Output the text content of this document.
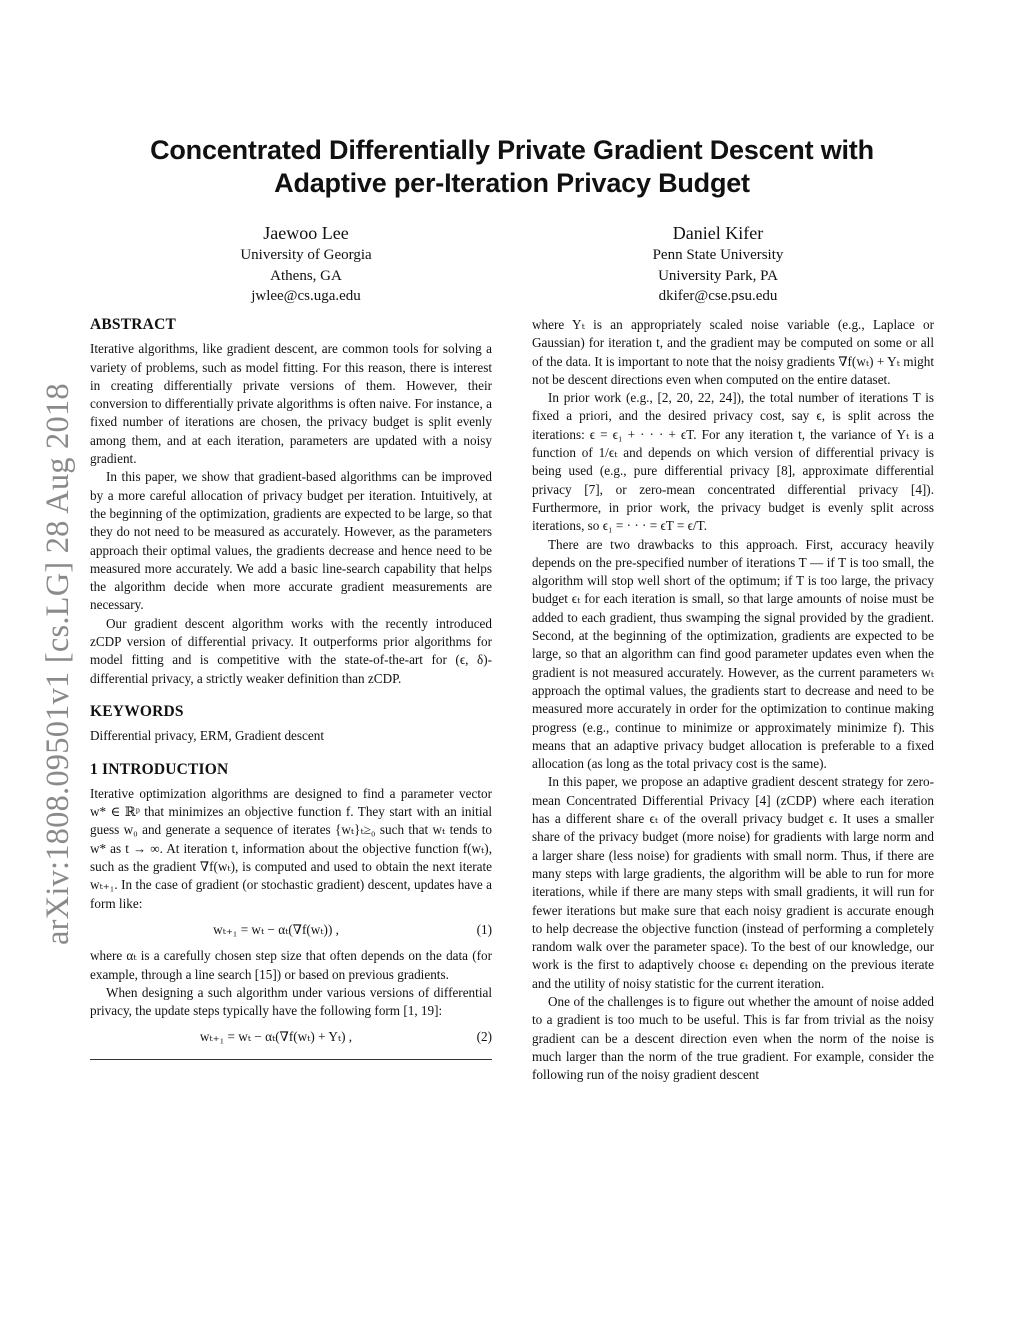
arXiv:1808.09501v1 [cs.LG] 28 Aug 2018
Concentrated Differentially Private Gradient Descent with
Adaptive per-Iteration Privacy Budget
Jaewoo Lee
University of Georgia
Athens, GA
jwlee@cs.uga.edu
Daniel Kifer
Penn State University
University Park, PA
dkifer@cse.psu.edu
ABSTRACT

Iterative algorithms, like gradient descent, are common tools for solving a variety of problems, such as model fitting. For this reason, there is interest in creating differentially private versions of them. However, their conversion to differentially private algorithms is often naive. For instance, a fixed number of iterations are chosen, the privacy budget is split evenly among them, and at each iteration, parameters are updated with a noisy gradient.

In this paper, we show that gradient-based algorithms can be improved by a more careful allocation of privacy budget per iteration. Intuitively, at the beginning of the optimization, gradients are expected to be large, so that they do not need to be measured as accurately. However, as the parameters approach their optimal values, the gradients decrease and hence need to be measured more accurately. We add a basic line-search capability that helps the algorithm decide when more accurate gradient measurements are necessary.

Our gradient descent algorithm works with the recently introduced zCDP version of differential privacy. It outperforms prior algorithms for model fitting and is competitive with the state-of-the-art for (ϵ, δ)-differential privacy, a strictly weaker definition than zCDP.

KEYWORDS

Differential privacy, ERM, Gradient descent

1 INTRODUCTION

Iterative optimization algorithms are designed to find a parameter vector w* ∈ ℝᵖ that minimizes an objective function f. They start with an initial guess w₀ and generate a sequence of iterates {wₜ}ₜ≥₀ such that wₜ tends to w* as t → ∞. At iteration t, information about the objective function f(wₜ), such as the gradient ∇f(wₜ), is computed and used to obtain the next iterate wₜ₊₁. In the case of gradient (or stochastic gradient) descent, updates have a form like:

wₜ₊₁ = wₜ − αₜ(∇f(wₜ)) ,	(1)

where αₜ is a carefully chosen step size that often depends on the data (for example, through a line search [15]) or based on previous gradients.

When designing a such algorithm under various versions of differential privacy, the update steps typically have the following form [1, 19]:

wₜ₊₁ = wₜ − αₜ(∇f(wₜ) + Yₜ) ,	(2)

where Yₜ is an appropriately scaled noise variable (e.g., Laplace or Gaussian) for iteration t, and the gradient may be computed on some or all of the data. It is important to note that the noisy gradients ∇f(wₜ) + Yₜ might not be descent directions even when computed on the entire dataset.

In prior work (e.g., [2, 20, 22, 24]), the total number of iterations T is fixed a priori, and the desired privacy cost, say ϵ, is split across the iterations: ϵ = ϵ₁ + · · · + ϵT. For any iteration t, the variance of Yₜ is a function of 1/ϵₜ and depends on which version of differential privacy is being used (e.g., pure differential privacy [8], approximate differential privacy [7], or zero-mean concentrated differential privacy [4]). Furthermore, in prior work, the privacy budget is evenly split across iterations, so ϵ₁ = · · · = ϵT = ϵ/T.

There are two drawbacks to this approach. First, accuracy heavily depends on the pre-specified number of iterations T — if T is too small, the algorithm will stop well short of the optimum; if T is too large, the privacy budget ϵₜ for each iteration is small, so that large amounts of noise must be added to each gradient, thus swamping the signal provided by the gradient. Second, at the beginning of the optimization, gradients are expected to be large, so that an algorithm can find good parameter updates even when the gradient is not measured accurately. However, as the current parameters wₜ approach the optimal values, the gradients start to decrease and need to be measured more accurately in order for the optimization to continue making progress (e.g., continue to minimize or approximately minimize f). This means that an adaptive privacy budget allocation is preferable to a fixed allocation (as long as the total privacy cost is the same).

In this paper, we propose an adaptive gradient descent strategy for zero-mean Concentrated Differential Privacy [4] (zCDP) where each iteration has a different share ϵₜ of the overall privacy budget ϵ. It uses a smaller share of the privacy budget (more noise) for gradients with large norm and a larger share (less noise) for gradients with small norm. Thus, if there are many steps with large gradients, the algorithm will be able to run for more iterations, while if there are many steps with small gradients, it will run for fewer iterations but make sure that each noisy gradient is accurate enough to help decrease the objective function (instead of performing a completely random walk over the parameter space). To the best of our knowledge, our work is the first to adaptively choose ϵₜ depending on the previous iterate and the utility of noisy statistic for the current iteration.

One of the challenges is to figure out whether the amount of noise added to a gradient is too much to be useful. This is far from trivial as the noisy gradient can be a descent direction even when the norm of the noise is much larger than the norm of the true gradient. For example, consider the following run of the noisy gradient descent
